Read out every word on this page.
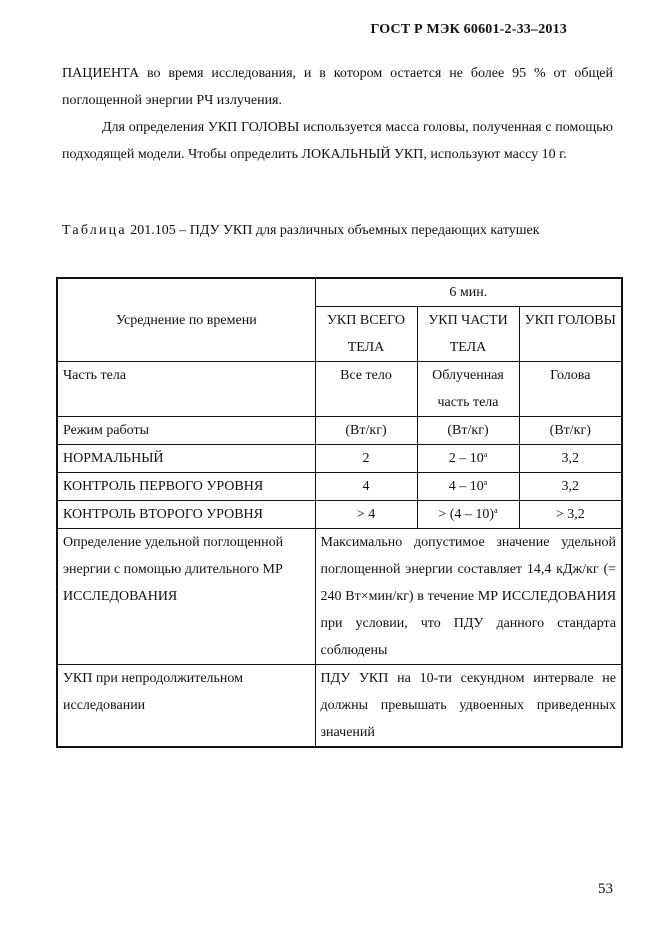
ГОСТ Р МЭК 60601-2-33–2013
ПАЦИЕНТА во время исследования, и в котором остается не более 95 % от общей поглощенной энергии РЧ излучения.
Для определения УКП ГОЛОВЫ используется масса головы, полученная с помощью подходящей модели. Чтобы определить ЛОКАЛЬНЫЙ УКП, используют массу 10 г.
Таблица 201.105 – ПДУ УКП для различных объемных передающих катушек
Усреднение по времени	6 мин.		
	УКП ВСЕГО ТЕЛА	УКП ЧАСТИ ТЕЛА	УКП ГОЛОВЫ
Часть тела	Все тело	Облученная часть тела	Голова
Режим работы	(Вт/кг)	(Вт/кг)	(Вт/кг)
НОРМАЛЬНЫЙ	2	2 – 10$^a$	3,2
КОНТРОЛЬ ПЕРВОГО УРОВНЯ	4	4 – 10$^a$	3,2
КОНТРОЛЬ ВТОРОГО УРОВНЯ	> 4	> (4 – 10)$^a$	> 3,2
Определение удельной поглощенной энергии с помощью длительного МР ИССЛЕДОВАНИЯ	Максимально допустимое значение удельной поглощенной энергии составляет 14,4 кДж/кг (= 240 Вт×мин/кг) в течение МР ИССЛЕДОВАНИЯ при условии, что ПДУ данного стандарта соблюдены		
УКП при непродолжительном исследовании	ПДУ УКП на 10-ти секундном интервале не должны превышать удвоенных приведенных значений		
53
